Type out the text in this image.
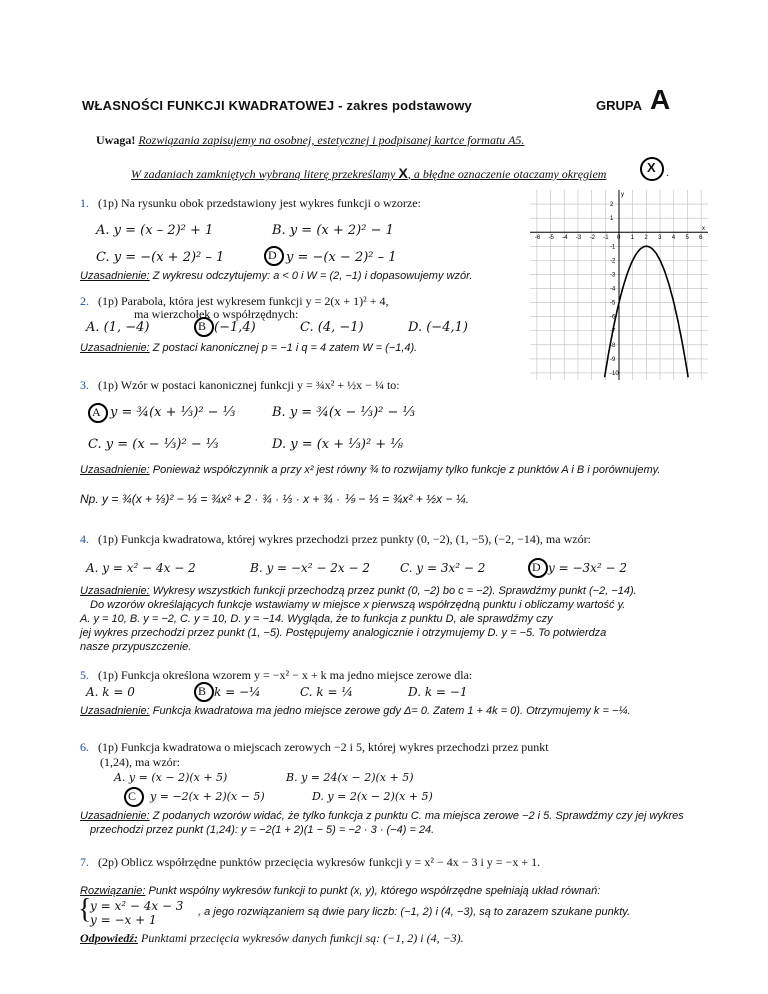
WŁASNOŚCI FUNKCJI KWADRATOWEJ - zakres podstawowy	GRUPA A
Uwaga! Rozwiązania zapisujemy na osobnej, estetycznej i podpisanej kartce formatu A5.
W zadaniach zamkniętych wybraną literę przekreślamy X, a błędne oznaczenie otaczamy okręgiem	X .
-6 -5 -4 -3 -2 -1 0 1 2 3 4 5 6
2
1
-1
-2
-3
-4
-5
-6
-7
-8
-9
-10
x
y
1. (1p) Na rysunku obok przedstawiony jest wykres funkcji o wzorze:
A. y = (x – 2)² + 1	B. y = (x + 2)² − 1
C. y = −(x + 2)² – 1	D y = −(x − 2)² – 1
Uzasadnienie: Z wykresu odczytujemy: a < 0 i W = (2, −1) i dopasowujemy wzór.
2. (1p) Parabola, która jest wykresem funkcji y = 2(x + 1)² + 4,
ma wierzchołek o współrzędnych:
A. (1, −4)	B (−1,4)	C. (4, −1)	D. (−4,1)
Uzasadnienie: Z postaci kanonicznej p = −1 i q = 4 zatem W = (−1,4).
3. (1p) Wzór w postaci kanonicznej funkcji y = ¾x² + ½x − ¼ to:
A y = ¾(x + ⅓)² − ⅓	B. y = ¾(x − ⅓)² − ⅓
C. y = (x − ⅓)² − ⅓	D. y = (x + ⅓)² + ⅛
Uzasadnienie: Ponieważ współczynnik a przy x² jest równy ¾ to rozwijamy tylko funkcje z punktów A i B i porównujemy.
Np. y = ¾(x + ⅓)² − ⅓ = ¾x² + 2 · ¾ · ⅓ · x + ¾ · ⅑ − ⅓ = ¾x² + ½x − ¼.
4. (1p) Funkcja kwadratowa, której wykres przechodzi przez punkty (0, −2), (1, −5), (−2, −14), ma wzór:
A. y = x² − 4x − 2	B. y = −x² − 2x − 2	C. y = 3x² − 2	D y = −3x² − 2
Uzasadnienie: Wykresy wszystkich funkcji przechodzą przez punkt (0, −2) bo c = −2). Sprawdźmy punkt (−2, −14).
Do wzorów określających funkcje wstawiamy w miejsce x pierwszą współrzędną punktu i obliczamy wartość y.
A. y = 10, B. y = −2, C. y = 10, D. y = −14. Wygląda, że to funkcja z punktu D, ale sprawdźmy czy
jej wykres przechodzi przez punkt (1, −5). Postępujemy analogicznie i otrzymujemy D. y = −5. To potwierdza
nasze przypuszczenie.
5. (1p) Funkcja określona wzorem y = −x² − x + k ma jedno miejsce zerowe dla:
A. k = 0	B k = −¼	C. k = ¼	D. k = −1
Uzasadnienie: Funkcja kwadratowa ma jedno miejsce zerowe gdy Δ= 0. Zatem 1 + 4k = 0). Otrzymujemy k = −¼.
6. (1p) Funkcja kwadratowa o miejscach zerowych −2 i 5, której wykres przechodzi przez punkt
(1,24), ma wzór:
A. y = (x − 2)(x + 5)	B. y = 24(x − 2)(x + 5)
C y = −2(x + 2)(x − 5)	D. y = 2(x − 2)(x + 5)
Uzasadnienie: Z podanych wzorów widać, że tylko funkcja z punktu C. ma miejsca zerowe −2 i 5. Sprawdźmy czy jej wykres
przechodzi przez punkt (1,24): y = −2(1 + 2)(1 − 5) = −2 · 3 · (−4) = 24.
7. (2p) Oblicz współrzędne punktów przecięcia wykresów funkcji y = x² − 4x − 3 i y = −x + 1.
Rozwiązanie: Punkt wspólny wykresów funkcji to punkt (x, y), którego współrzędne spełniają układ równań:
{
y = x² − 4x − 3
y = −x + 1
, a jego rozwiązaniem są dwie pary liczb: (−1, 2) i (4, −3), są to zarazem szukane punkty.
Odpowiedź: Punktami przecięcia wykresów danych funkcji są: (−1, 2) i (4, −3).
